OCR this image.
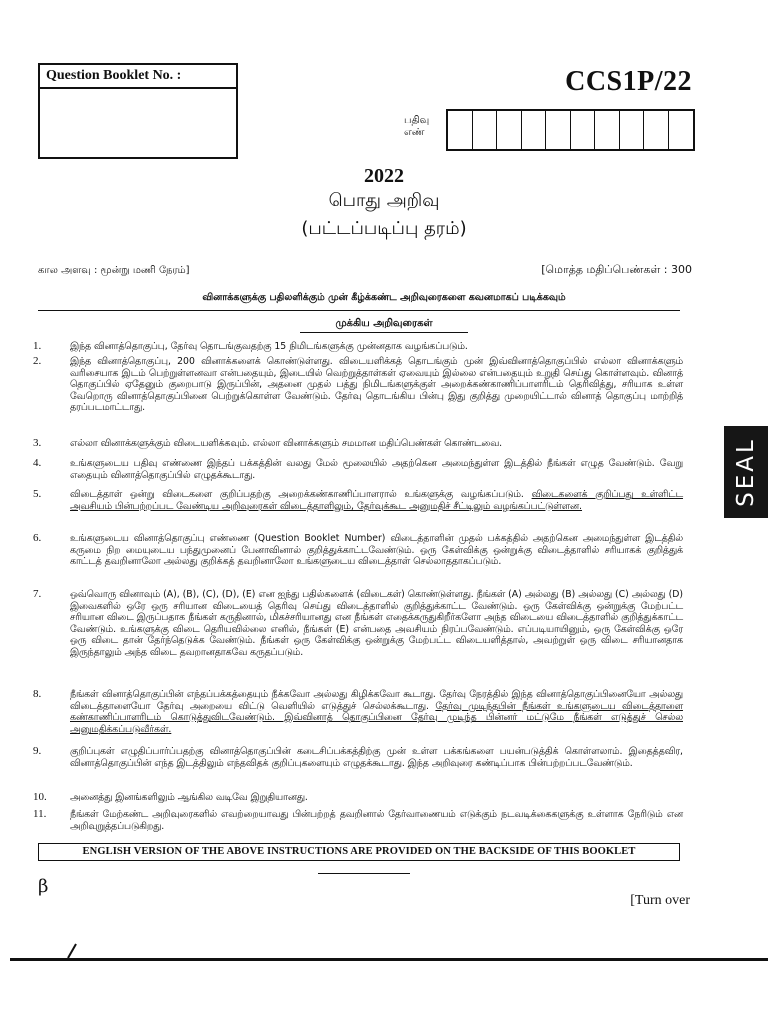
Question Booklet No. :	CCS1P/22
பதிவு
எண்
2022
பொது அறிவு
(பட்டப்படிப்பு தரம்)
கால அளவு : மூன்று மணி நேரம்]	[மொத்த மதிப்பெண்கள் : 300
வினாக்களுக்கு பதிலளிக்கும் முன் கீழ்க்கண்ட அறிவுரைகளை கவனமாகப் படிக்கவும்
முக்கிய அறிவுரைகள்
1.	இந்த வினாத்தொகுப்பு, தேர்வு தொடங்குவதற்கு 15 நிமிடங்களுக்கு முன்னதாக வழங்கப்படும்.
2.	இந்த வினாத்தொகுப்பு, 200 வினாக்களைக் கொண்டுள்ளது. விடையளிக்கத் தொடங்கும் முன் இவ்வினாத்தொகுப்பில் எல்லா வினாக்களும் வரிசையாக இடம் பெற்றுள்ளனவா என்பதையும், இடையில் வெற்றுத்தாள்கள் ஏவையும் இல்லை என்பதையும் உறுதி செய்து கொள்ளவும். வினாத் தொகுப்பில் ஏதேனும் குறைபாடு இருப்பின், அதனை முதல் பத்து நிமிடங்களுக்குள் அறைக்கண்காணிப்பாளரிடம் தெரிவித்து, சரியாக உள்ள வேறொரு வினாத்தொகுப்பினை பெற்றுக்கொள்ள வேண்டும். தேர்வு தொடங்கிய பின்பு இது குறித்து முறையிட்டால் வினாத் தொகுப்பு மாற்றித் தரப்படமாட்டாது.
3.	எல்லா வினாக்களுக்கும் விடையளிக்கவும். எல்லா வினாக்களும் சமமான மதிப்பெண்கள் கொண்டவை.
4.	உங்களுடைய பதிவு எண்ணை இந்தப் பக்கத்தின் வலது மேல் மூலையில் அதற்கென அமைந்துள்ள இடத்தில் நீங்கள் எழுத வேண்டும். வேறு எதையும் வினாத்தொகுப்பில் எழுதக்கூடாது.
5.	விடைத்தாள் ஒன்று விடைகளை குறிப்பதற்கு அறைக்கண்காணிப்பாளரால் உங்களுக்கு வழங்கப்படும். விடைகளைக் குறிப்பது உள்ளிட்ட அவசியம் பின்பற்றப்பட வேண்டிய அறிவுரைகள் விடைத்தாளிலும், தேர்வுக்கூட அனுமதிச் சீட்டிலும் வழங்கப்பட்டுள்ளன.
6.	உங்களுடைய வினாத்தொகுப்பு எண்ணை (Question Booklet Number) விடைத்தாளின் முதல் பக்கத்தில் அதற்கென அமைந்துள்ள இடத்தில் கருமை நிற மையுடைய பந்துமுனைப் பேனாவினால் குறித்துக்காட்டவேண்டும். ஒரு கேள்விக்கு ஒன்றுக்கு விடைத்தாளில் சரியாகக் குறித்துக் காட்டத் தவறினாலோ அல்லது குறிக்கத் தவறினாலோ உங்களுடைய விடைத்தாள் செல்லாததாகப்படும்.
7.	ஒவ்வொரு வினாவும் (A), (B), (C), (D), (E) என ஐந்து பதில்களைக் (விடைகள்) கொண்டுள்ளது. நீங்கள் (A) அல்லது (B) அல்லது (C) அல்லது (D) இவைகளில் ஒரே ஒரு சரியான விடையைத் தெரிவு செய்து விடைத்தாளில் குறித்துக்காட்ட வேண்டும். ஒரு கேள்விக்கு ஒன்றுக்கு மேற்பட்ட சரியான விடை இருப்பதாக நீங்கள் கருதினால், மிகச்சரியானது என நீங்கள் எதைக்கருதுகிறீர்களோ அந்த விடையை விடைத்தாளில் குறித்துக்காட்ட வேண்டும். உங்களுக்கு விடை தெரியவில்லை எனில், நீங்கள் (E) என்பதை அவசியம் நிரப்பவேண்டும். எப்படியாயினும், ஒரு கேள்விக்கு ஒரே ஒரு விடை தான் தேர்ந்தெடுக்க வேண்டும். நீங்கள் ஒரு கேள்விக்கு ஒன்றுக்கு மேற்பட்ட விடையளித்தால், அவற்றுள் ஒரு விடை சரியானதாக இருந்தாலும் அந்த விடை தவறானதாகவே கருதப்படும்.
8.	நீங்கள் வினாத்தொகுப்பின் எந்தப்பக்கத்தையும் நீக்கவோ அல்லது கிழிக்கவோ கூடாது. தேர்வு நேரத்தில் இந்த வினாத்தொகுப்பினையோ அல்லது விடைத்தாளையோ தேர்வு அறையை விட்டு வெளியில் எடுத்துச் செல்லக்கூடாது. தேர்வு முடிந்தபின் நீங்கள் உங்களுடைய விடைத்தாளை கண்காணிப்பாளரிடம் கொடுத்துவிடவேண்டும். இவ்வினாத் தொகுப்பினை தேர்வு முடிந்த பின்னர் மட்டுமே நீங்கள் எடுத்துச் செல்ல அனுமதிக்கப்படுவீர்கள்.
9.	குறிப்புகள் எழுதிப்பார்ப்பதற்கு வினாத்தொகுப்பின் கடைசிப்பக்கத்திற்கு முன் உள்ள பக்கங்களை பயன்படுத்திக் கொள்ளலாம். இதைத்தவிர, வினாத்தொகுப்பின் எந்த இடத்திலும் எந்தவிதக் குறிப்புகளையும் எழுதக்கூடாது. இந்த அறிவுரை கண்டிப்பாக பின்பற்றப்படவேண்டும்.
10.	அனைத்து இனங்களிலும் ஆங்கில வடிவே இறுதியானது.
11.	நீங்கள் மேற்கண்ட அறிவுரைகளில் எவற்றையாவது பின்பற்றத் தவறினால் தேர்வாணையம் எடுக்கும் நடவடிக்கைகளுக்கு உள்ளாக நேரிடும் என அறிவுறுத்தப்படுகிறது.
ENGLISH VERSION OF THE ABOVE INSTRUCTIONS ARE PROVIDED ON THE BACKSIDE OF THIS BOOKLET
β
[Turn over
SEAL
